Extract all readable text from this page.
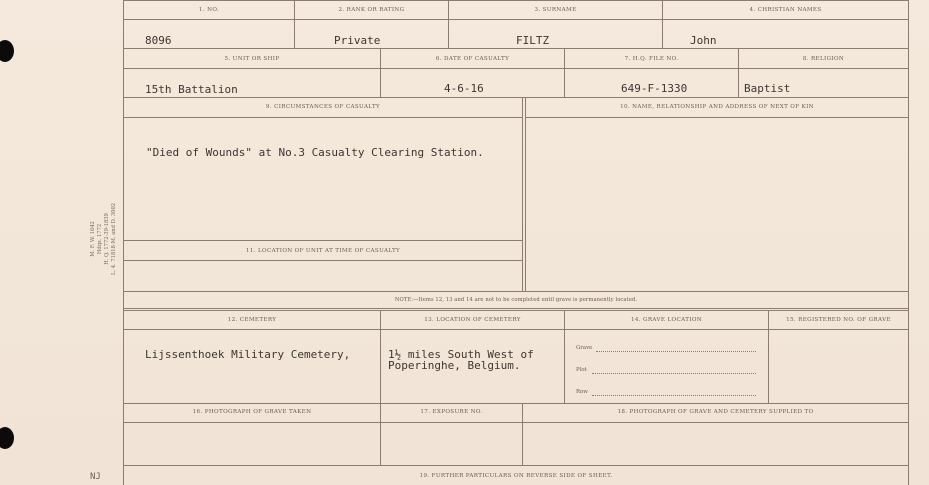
M. F. W. 1642 Hdqs. 1772 H. Q. 1772-39-1839 L. 4. 71818-M. and D. 3002
1. NO.	2. RANK OR RATING	3. SURNAME	4. CHRISTIAN NAMES
8096	Private	FILTZ	John
5. UNIT OR SHIP	6. DATE OF CASUALTY	7. H.Q. FILE NO.	8. RELIGION
15th Battalion	4-6-16	649-F-1330	Baptist
9. CIRCUMSTANCES OF CASUALTY	10. NAME, RELATIONSHIP AND ADDRESS OF NEXT OF KIN
"Died of Wounds" at No.3 Casualty Clearing Station.
11. LOCATION OF UNIT AT TIME OF CASUALTY
NOTE:—Items 12, 13 and 14 are not to be completed until grave is permanently located.
12. CEMETERY	13. LOCATION OF CEMETERY	14. GRAVE LOCATION	15. REGISTERED NO. OF GRAVE
Lijssenthoek Military Cemetery,	1½ miles South West of
Poperinghe, Belgium.
Grave
Plot
Row
16. PHOTOGRAPH OF GRAVE TAKEN	17. EXPOSURE NO.	18. PHOTOGRAPH OF GRAVE AND CEMETERY SUPPLIED TO
19. FURTHER PARTICULARS ON REVERSE SIDE OF SHEET.
NJ
